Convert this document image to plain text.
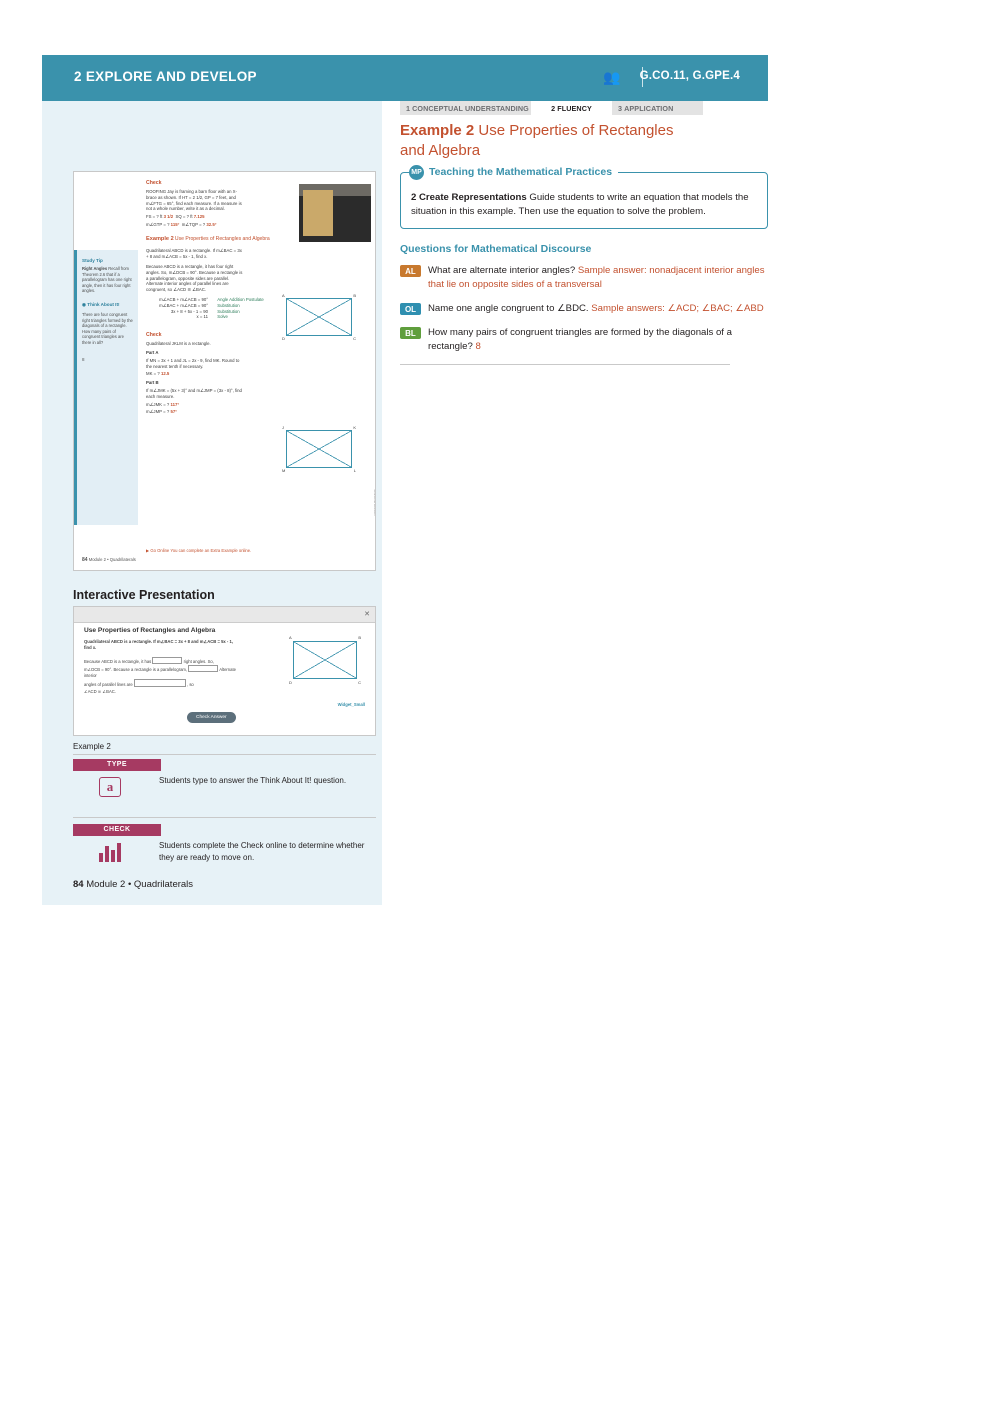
2 EXPLORE AND DEVELOP	👥 G.CO.11, G.GPE.4
1 CONCEPTUAL UNDERSTANDING	2 FLUENCY	3 APPLICATION
Study Tip
Right Angles Recall from Theorem 2.6 that if a parallelogram has one right angle, then it has four right angles.
◉ Think About It!
There are four congruent right triangles formed by the diagonals of a rectangle. How many pairs of congruent triangles are there in all?
8
Check
ROOFING Jay is framing a barn floor with an X-brace as shown. If HT = 2 1/2, GP = 7 feet, and m∠FTG = 65°, find each measure. If a measure is not a whole number, write it as a decimal.
FS = ? ft 3 1/2 SQ = ? ft 7.125
m∠GTP = ? 115° m∠TQP = ? 32.5°
Example 2 Use Properties of Rectangles and Algebra
Quadrilateral ABCD is a rectangle. If m∠BAC = 3x + 8 and m∠ACB = 5x - 1, find x.
Because ABCD is a rectangle, it has four right angles. So, m∠DCB = 90°. Because a rectangle is a parallelogram, opposite sides are parallel. Alternate interior angles of parallel lines are congruent, so ∠ACD ≅ ∠BAC.
m∠ACB + m∠ACB = 90° Angle Addition Postulate
m∠BAC + m∠ACB = 90° Substitution
3x + 8 + 5x - 1 = 90 Substitution
x = 11 Solve
A	B
C
D
Check
Quadrilateral JKLM is a rectangle.
Part A
If MN = 3x + 1 and JL = 2x - 9, find MK. Round to the nearest tenth if necessary.
MK = ? 12.5
Part B
If m∠JMK = (5x + 3)° and m∠JMP = (3x - 8)°, find each measure.
m∠JMK = ? 117°
m∠JMP = ? 57°
J	K
L
M
▶ Go Online You can complete an Extra Example online.
84 Module 2 • Quadrilaterals
McGraw-Hill Education
Interactive Presentation
✕
Use Properties of Rectangles and Algebra
Quadrilateral ABCD is a rectangle. If m∠BAC = 3x + 8 and m∠ACB = 5x - 1, find x.
Because ABCD is a rectangle, it has	right angles. So,
m∠DCB = 90°. Because a rectangle is a parallelogram,	Alternate interior
angles of parallel lines are	, so
∠ACD ≅ ∠BAC.
A	B
C
D
Widget_Small
Check Answer
Example 2
TYPE
a	Students type to answer the Think About It! question.
CHECK
Students complete the Check online to determine whether they are ready to move on.
84 Module 2 • Quadrilaterals
Example 2 Use Properties of Rectangles
and Algebra
MP Teaching the Mathematical Practices
2 Create Representations Guide students to write an equation that models the situation in this example. Then use the equation to solve the problem.
Questions for Mathematical Discourse
AL	What are alternate interior angles? Sample answer: nonadjacent interior angles that lie on opposite sides of a transversal
OL	Name one angle congruent to ∠BDC. Sample answers: ∠ACD; ∠BAC; ∠ABD
BL	How many pairs of congruent triangles are formed by the diagonals of a rectangle? 8
